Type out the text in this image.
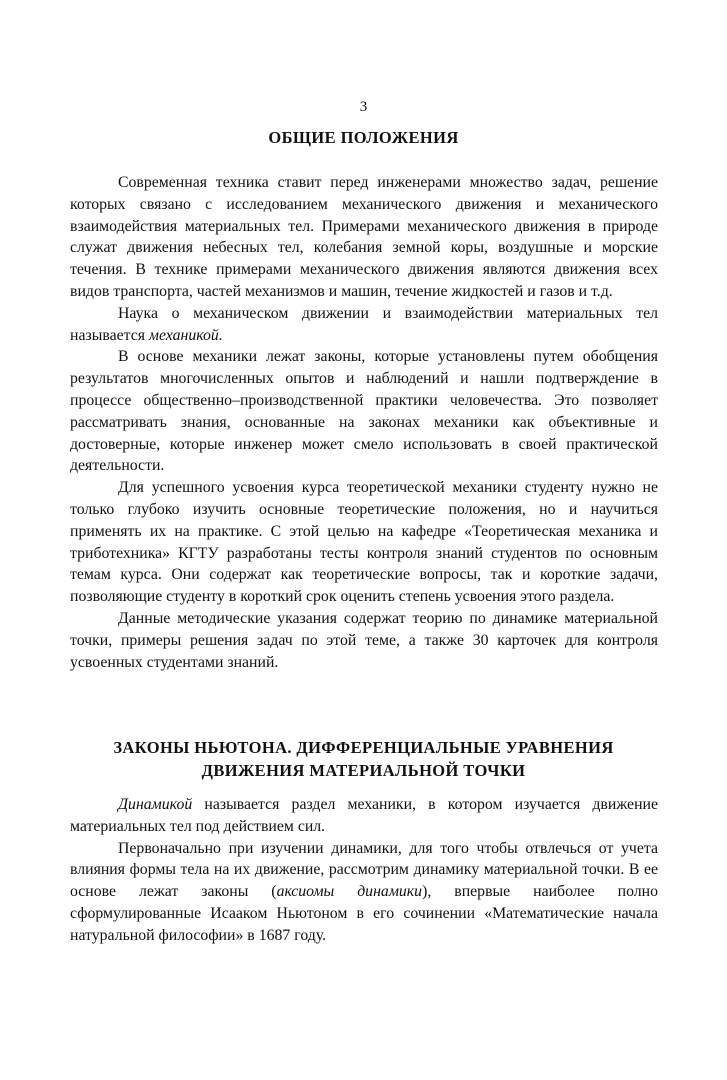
3
ОБЩИЕ ПОЛОЖЕНИЯ

Современная техника ставит перед инженерами множество задач, решение которых связано с исследованием механического движения и механического взаимодействия материальных тел. Примерами механического движения в природе служат движения небесных тел, колебания земной коры, воздушные и морские течения. В технике примерами механического движения являются движения всех видов транспорта, частей механизмов и машин, течение жидкостей и газов и т.д.

Наука о механическом движении и взаимодействии материальных тел называется механикой.

В основе механики лежат законы, которые установлены путем обобщения результатов многочисленных опытов и наблюдений и нашли подтверждение в процессе общественно–производственной практики человечества. Это позволяет рассматривать знания, основанные на законах механики как объективные и достоверные, которые инженер может смело использовать в своей практической деятельности.

Для успешного усвоения курса теоретической механики студенту нужно не только глубоко изучить основные теоретические положения, но и научиться применять их на практике. С этой целью на кафедре «Теоретическая механика и триботехника» КГТУ разработаны тесты контроля знаний студентов по основным темам курса. Они содержат как теоретические вопросы, так и короткие задачи, позволяющие студенту в короткий срок оценить степень усвоения этого раздела.

Данные методические указания содержат теорию по динамике материальной точки, примеры решения задач по этой теме, а также 30 карточек для контроля усвоенных студентами знаний.

ЗАКОНЫ НЬЮТОНА. ДИФФЕРЕНЦИАЛЬНЫЕ УРАВНЕНИЯ
ДВИЖЕНИЯ МАТЕРИАЛЬНОЙ ТОЧКИ

Динамикой называется раздел механики, в котором изучается движение материальных тел под действием сил.

Первоначально при изучении динамики, для того чтобы отвлечься от учета влияния формы тела на их движение, рассмотрим динамику материальной точки. В ее основе лежат законы (аксиомы динамики), впервые наиболее полно сформулированные Исааком Ньютоном в его сочинении «Математические начала натуральной философии» в 1687 году.
